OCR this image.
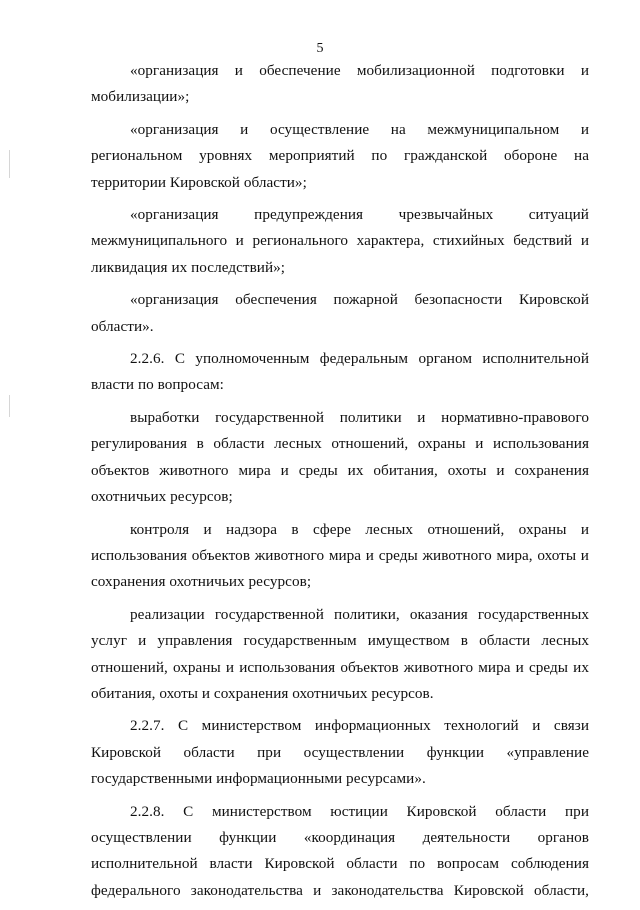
5

«организация и обеспечение мобилизационной подготовки и мобилизации»;

«организация и осуществление на межмуниципальном и региональном уровнях мероприятий по гражданской обороне на территории Кировской области»;

«организация предупреждения чрезвычайных ситуаций межмуниципального и регионального характера, стихийных бедствий и ликвидация их последствий»;

«организация обеспечения пожарной безопасности Кировской области».

2.2.6. С уполномоченным федеральным органом исполнительной власти по вопросам:

выработки государственной политики и нормативно-правового регулирования в области лесных отношений, охраны и использования объектов животного мира и среды их обитания, охоты и сохранения охотничьих ресурсов;

контроля и надзора в сфере лесных отношений, охраны и использования объектов животного мира и среды животного мира, охоты и сохранения охотничьих ресурсов;

реализации государственной политики, оказания государственных услуг и управления государственным имуществом в области лесных отношений, охраны и использования объектов животного мира и среды их обитания, охоты и сохранения охотничьих ресурсов.

2.2.7. С министерством информационных технологий и связи Кировской области при осуществлении функции «управление государственными информационными ресурсами».

2.2.8. С министерством юстиции Кировской области при осуществлении функции «координация деятельности органов исполнительной власти Кировской области по вопросам соблюдения федерального законодательства и законодательства Кировской области,
